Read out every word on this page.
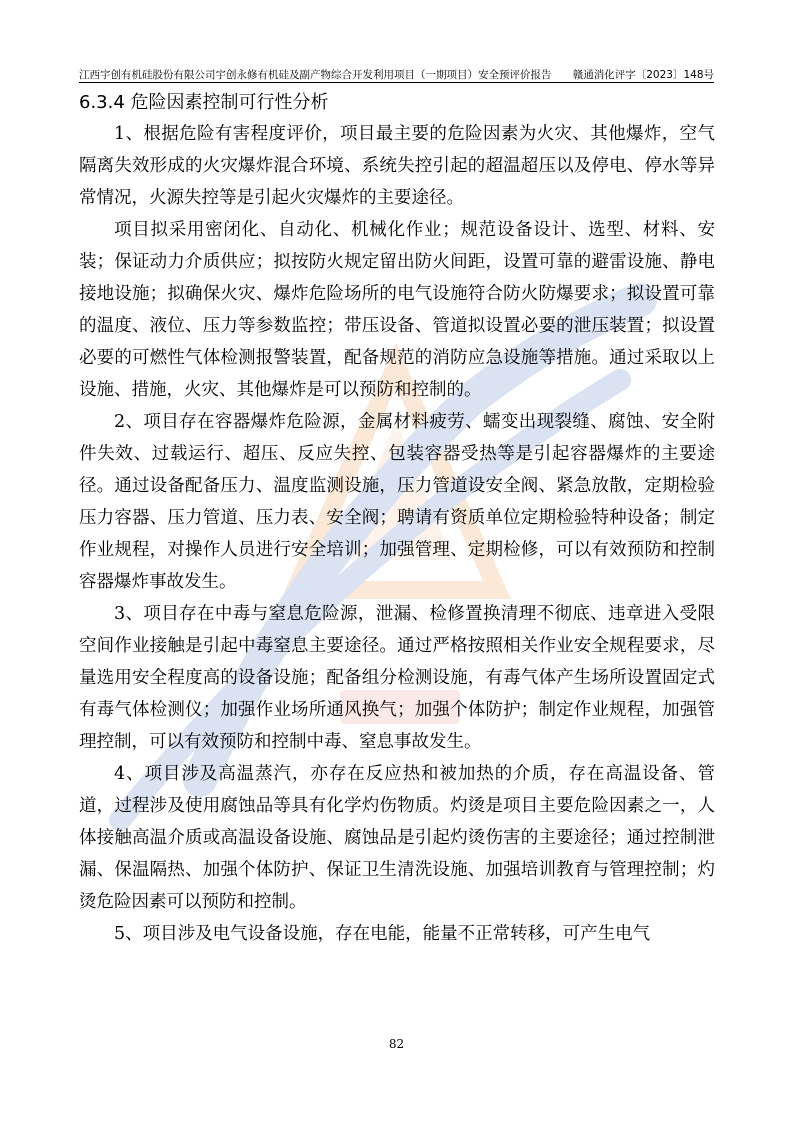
江西宇创有机硅股份有限公司宇创永修有机硅及副产物综合开发利用项目（一期项目）安全预评价报告 赣通消化评字〔2023〕148号
6.3.4 危险因素控制可行性分析

1、根据危险有害程度评价，项目最主要的危险因素为火灾、其他爆炸，空气隔离失效形成的火灾爆炸混合环境、系统失控引起的超温超压以及停电、停水等异常情况，火源失控等是引起火灾爆炸的主要途径。

项目拟采用密闭化、自动化、机械化作业；规范设备设计、选型、材料、安装；保证动力介质供应；拟按防火规定留出防火间距，设置可靠的避雷设施、静电接地设施；拟确保火灾、爆炸危险场所的电气设施符合防火防爆要求；拟设置可靠的温度、液位、压力等参数监控；带压设备、管道拟设置必要的泄压装置；拟设置必要的可燃性气体检测报警装置，配备规范的消防应急设施等措施。通过采取以上设施、措施，火灾、其他爆炸是可以预防和控制的。

2、项目存在容器爆炸危险源，金属材料疲劳、蠕变出现裂缝、腐蚀、安全附件失效、过载运行、超压、反应失控、包装容器受热等是引起容器爆炸的主要途径。通过设备配备压力、温度监测设施，压力管道设安全阀、紧急放散，定期检验压力容器、压力管道、压力表、安全阀；聘请有资质单位定期检验特种设备；制定作业规程，对操作人员进行安全培训；加强管理、定期检修，可以有效预防和控制容器爆炸事故发生。

3、项目存在中毒与窒息危险源，泄漏、检修置换清理不彻底、违章进入受限空间作业接触是引起中毒窒息主要途径。通过严格按照相关作业安全规程要求，尽量选用安全程度高的设备设施；配备组分检测设施，有毒气体产生场所设置固定式有毒气体检测仪；加强作业场所通风换气；加强个体防护；制定作业规程，加强管理控制，可以有效预防和控制中毒、窒息事故发生。

4、项目涉及高温蒸汽，亦存在反应热和被加热的介质，存在高温设备、管道，过程涉及使用腐蚀品等具有化学灼伤物质。灼烫是项目主要危险因素之一，人体接触高温介质或高温设备设施、腐蚀品是引起灼烫伤害的主要途径；通过控制泄漏、保温隔热、加强个体防护、保证卫生清洗设施、加强培训教育与管理控制；灼烫危险因素可以预防和控制。

5、项目涉及电气设备设施，存在电能，能量不正常转移，可产生电气

82
